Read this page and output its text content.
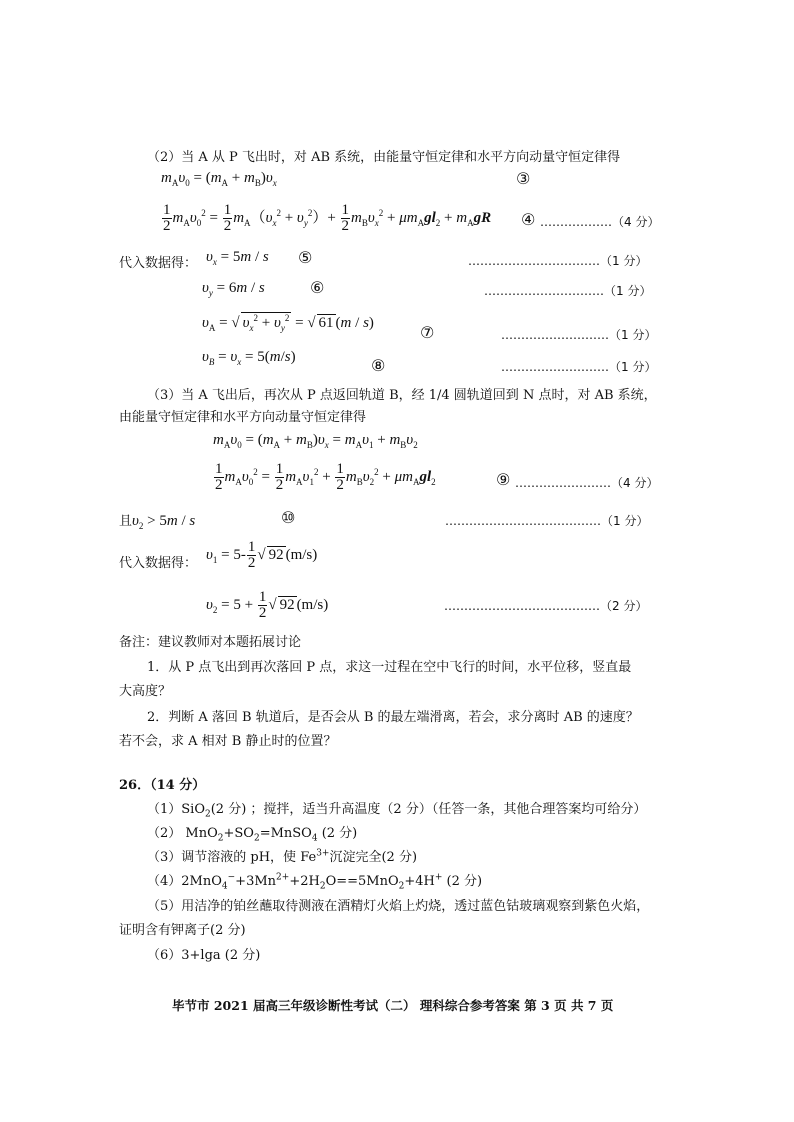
（2）当 A 从 P 飞出时，对 AB 系统，由能量守恒定律和水平方向动量守恒定律得
$m_A\upsilon_0 = (m_A + m_B)\upsilon_x$	③
$\frac{1}{2} m_A\upsilon_0^2 = \frac{1}{2} m_A(\upsilon_x^2 + \upsilon_y^2)+ \frac{1}{2} m_B\upsilon_x^2 + \mu m_Agl_2 + m_AgR$ ④ ………………（4 分）
代入数据得： $\upsilon_x = 5m / s$ ⑤	……………………………（1 分）
$\upsilon_y = 6m / s$	⑥	…………………………（1 分）
$\upsilon_A$ = √ $\upsilon_x^2 + \upsilon_y^2$ = √ 61 (m / s)	⑦	………………………（1 分）
$\upsilon_B = \upsilon_x = 5(m/s)$	⑧	………………………（1 分）
（3）当 A 飞出后，再次从 P 点返回轨道 B，经 1/4 圆轨道回到 N 点时，对 AB 系统，
由能量守恒定律和水平方向动量守恒定律得
$m_A\upsilon_0 = (m_A + m_B)\upsilon_x = m_A\upsilon_1 + m_B\upsilon_2$
$\frac{1}{2} m_A\upsilon_0^2 = \frac{1}{2} m_A\upsilon_1^2 + \frac{1}{2} m_B\upsilon_2^2 + \mu m_Agl_2$	⑨ ……………………（4 分）
且$\upsilon_2 > 5m / s$	⑩	…………………………………（1 分）
代入数据得：
$\upsilon_1 = 5- \frac{1}{2}$ √ 92 (m/s)
$\upsilon_2 = 5 + \frac{1}{2}$ √ 92 (m/s)	…………………………………（2 分）
备注：建议教师对本题拓展讨论
1．从 P 点飞出到再次落回 P 点，求这一过程在空中飞行的时间，水平位移，竖直最
大高度？
2．判断 A 落回 B 轨道后，是否会从 B 的最左端滑离，若会，求分离时 AB 的速度？
若不会，求 A 相对 B 静止时的位置？
26．（14 分）
（1）SiO$_2$(2 分) ；搅拌，适当升高温度（2 分）（任答一条，其他合理答案均可给分）
（2） $MnO_2+SO_2=MnSO_4$ (2 分)
（3）调节溶液的 pH，使 $Fe^{3+}$沉淀完全(2 分)
$(4)2MnO_4^-+3Mn^{2+}+2H_2O==5MnO_2+4H^+$ (2 分)
（5）用洁净的铂丝蘸取待测液在酒精灯火焰上灼烧，透过蓝色钴玻璃观察到紫色火焰，
证明含有钾离子(2 分)
（6）3+lga (2 分)
毕节市 2021 届高三年级诊断性考试（二） 理科综合参考答案 第 3 页 共 7 页
